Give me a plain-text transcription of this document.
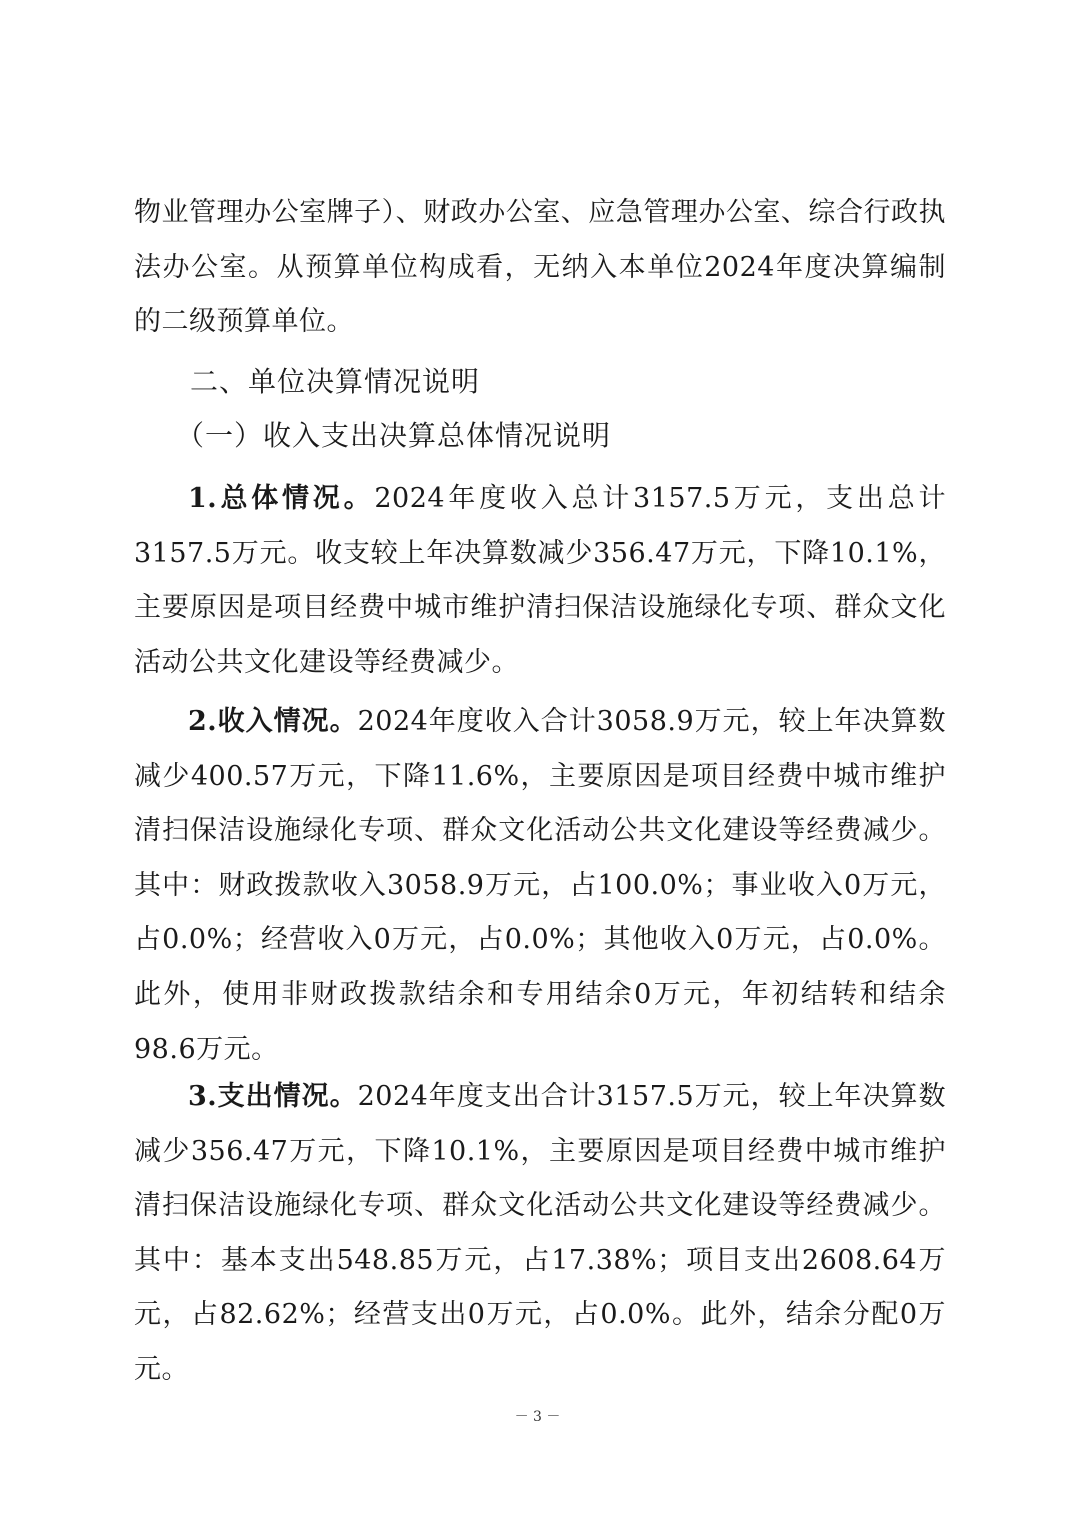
物业管理办公室牌子）、财政办公室、应急管理办公室、综合行政执法办公室。从预算单位构成看，无纳入本单位2024年度决算编制的二级预算单位。

二、单位决算情况说明
（一）收入支出决算总体情况说明

1.总体情况。2024年度收入总计3157.5万元，支出总计3157.5万元。收支较上年决算数减少356.47万元，下降10.1%，主要原因是项目经费中城市维护清扫保洁设施绿化专项、群众文化活动公共文化建设等经费减少。

2.收入情况。2024年度收入合计3058.9万元，较上年决算数减少400.57万元，下降11.6%，主要原因是项目经费中城市维护清扫保洁设施绿化专项、群众文化活动公共文化建设等经费减少。其中：财政拨款收入3058.9万元，占100.0%；事业收入0万元，占0.0%；经营收入0万元，占0.0%；其他收入0万元，占0.0%。此外，使用非财政拨款结余和专用结余0万元，年初结转和结余98.6万元。

3.支出情况。2024年度支出合计3157.5万元，较上年决算数减少356.47万元，下降10.1%，主要原因是项目经费中城市维护清扫保洁设施绿化专项、群众文化活动公共文化建设等经费减少。其中：基本支出548.85万元，占17.38%；项目支出2608.64万元，占82.62%；经营支出0万元，占0.0%。此外，结余分配0万元。

－ 3 －
